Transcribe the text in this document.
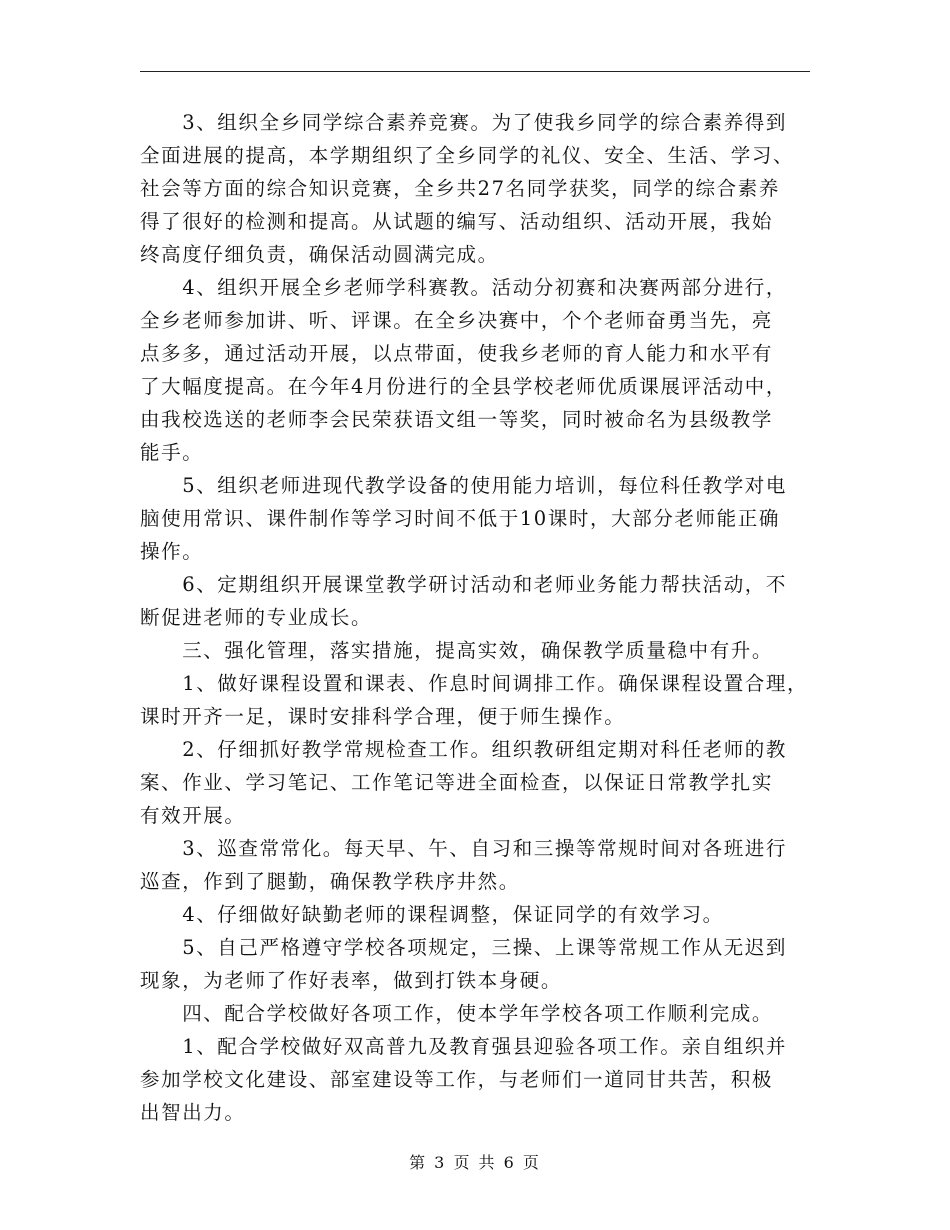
　　3、组织全乡同学综合素养竞赛。为了使我乡同学的综合素养得到
全面进展的提高，本学期组织了全乡同学的礼仪、安全、生活、学习、
社会等方面的综合知识竞赛，全乡共27名同学获奖，同学的综合素养
得了很好的检测和提高。从试题的编写、活动组织、活动开展，我始
终高度仔细负责，确保活动圆满完成。

　　4、组织开展全乡老师学科赛教。活动分初赛和决赛两部分进行，
全乡老师参加讲、听、评课。在全乡决赛中，个个老师奋勇当先，亮
点多多，通过活动开展，以点带面，使我乡老师的育人能力和水平有
了大幅度提高。在今年4月份进行的全县学校老师优质课展评活动中，
由我校选送的老师李会民荣获语文组一等奖，同时被命名为县级教学
能手。

　　5、组织老师进现代教学设备的使用能力培训，每位科任教学对电
脑使用常识、课件制作等学习时间不低于10课时，大部分老师能正确
操作。

　　6、定期组织开展课堂教学研讨活动和老师业务能力帮扶活动，不
断促进老师的专业成长。

　　三、强化管理，落实措施，提高实效，确保教学质量稳中有升。

　　1、做好课程设置和课表、作息时间调排工作。确保课程设置合理，
课时开齐一足，课时安排科学合理，便于师生操作。

　　2、仔细抓好教学常规检查工作。组织教研组定期对科任老师的教
案、作业、学习笔记、工作笔记等进全面检查，以保证日常教学扎实
有效开展。

　　3、巡查常常化。每天早、午、自习和三操等常规时间对各班进行
巡查，作到了腿勤，确保教学秩序井然。

　　4、仔细做好缺勤老师的课程调整，保证同学的有效学习。

　　5、自己严格遵守学校各项规定，三操、上课等常规工作从无迟到
现象，为老师了作好表率，做到打铁本身硬。

　　四、配合学校做好各项工作，使本学年学校各项工作顺利完成。

　　1、配合学校做好双高普九及教育强县迎验各项工作。亲自组织并
参加学校文化建设、部室建设等工作，与老师们一道同甘共苦，积极
出智出力。

第 3 页 共 6 页
